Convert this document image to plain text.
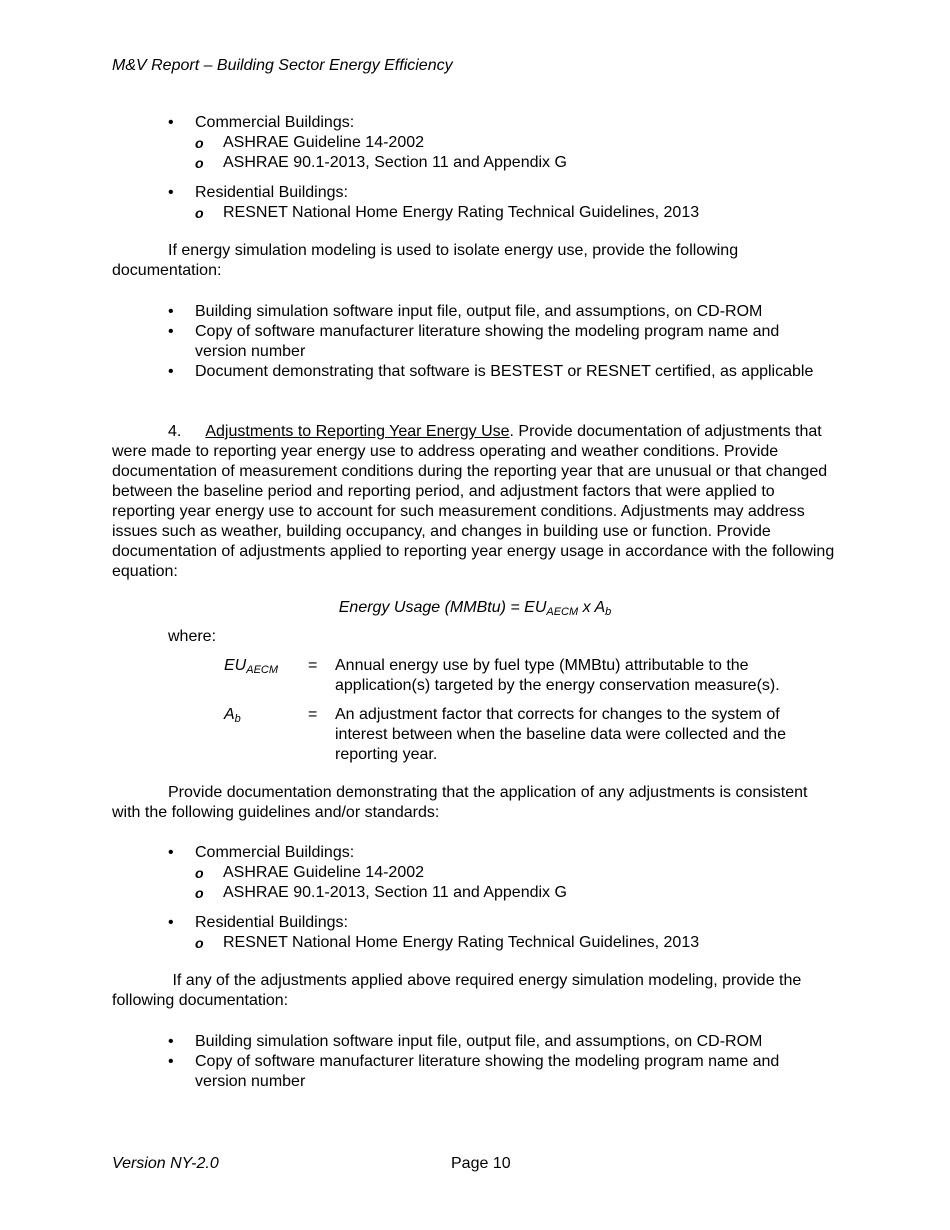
M&V Report – Building Sector Energy Efficiency
• Commercial Buildings:
o ASHRAE Guideline 14-2002
o ASHRAE 90.1-2013, Section 11 and Appendix G
• Residential Buildings:
o RESNET National Home Energy Rating Technical Guidelines, 2013

If energy simulation modeling is used to isolate energy use, provide the following documentation:

• Building simulation software input file, output file, and assumptions, on CD-ROM
• Copy of software manufacturer literature showing the modeling program name and version number
• Document demonstrating that software is BESTEST or RESNET certified, as applicable

4. Adjustments to Reporting Year Energy Use. Provide documentation of adjustments that were made to reporting year energy use to address operating and weather conditions. Provide documentation of measurement conditions during the reporting year that are unusual or that changed between the baseline period and reporting period, and adjustment factors that were applied to reporting year energy use to account for such measurement conditions. Adjustments may address issues such as weather, building occupancy, and changes in building use or function. Provide documentation of adjustments applied to reporting year energy usage in accordance with the following equation:

Energy Usage (MMBtu) = $EU_{AECM}$ x $A_b$
where:
$EU_{AECM}$ = Annual energy use by fuel type (MMBtu) attributable to the application(s) targeted by the energy conservation measure(s).
$A_b$	= An adjustment factor that corrects for changes to the system of interest between when the baseline data were collected and the reporting year.

Provide documentation demonstrating that the application of any adjustments is consistent with the following guidelines and/or standards:

• Commercial Buildings:
o ASHRAE Guideline 14-2002
o ASHRAE 90.1-2013, Section 11 and Appendix G
• Residential Buildings:
o RESNET National Home Energy Rating Technical Guidelines, 2013

If any of the adjustments applied above required energy simulation modeling, provide the following documentation:

• Building simulation software input file, output file, and assumptions, on CD-ROM
• Copy of software manufacturer literature showing the modeling program name and version number
Version NY-2.0	Page 10
